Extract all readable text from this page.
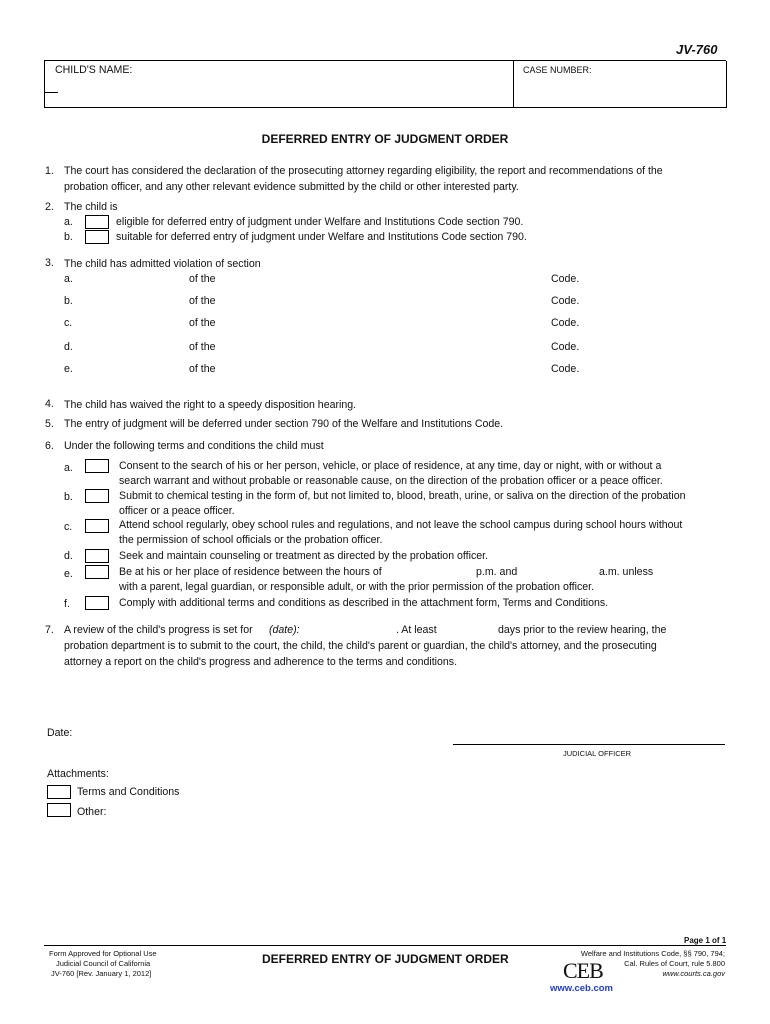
JV-760
CHILD'S NAME:	CASE NUMBER:
DEFERRED ENTRY OF JUDGMENT ORDER
1. The court has considered the declaration of the prosecuting attorney regarding eligibility, the report and recommendations of the
probation officer, and any other relevant evidence submitted by the child or other interested party.
2. The child is
a.	eligible for deferred entry of judgment under Welfare and Institutions Code section 790.
b.	suitable for deferred entry of judgment under Welfare and Institutions Code section 790.
3. The child has admitted violation of section
a.	of the	Code.
b.	of the	Code.
c.	of the	Code.
d.	of the	Code.
e.	of the	Code.
4. The child has waived the right to a speedy disposition hearing.
5. The entry of judgment will be deferred under section 790 of the Welfare and Institutions Code.
6. Under the following terms and conditions the child must
a.	Consent to the search of his or her person, vehicle, or place of residence, at any time, day or night, with or without a
search warrant and without probable or reasonable cause, on the direction of the probation officer or a peace officer.
b.	Submit to chemical testing in the form of, but not limited to, blood, breath, urine, or saliva on the direction of the probation
officer or a peace officer.
c.	Attend school regularly, obey school rules and regulations, and not leave the school campus during school hours without
the permission of school officials or the probation officer.
d.	Seek and maintain counseling or treatment as directed by the probation officer.
e.	Be at his or her place of residence between the hours of	p.m. and	a.m. unless
with a parent, legal guardian, or responsible adult, or with the prior permission of the probation officer.
f.	Comply with additional terms and conditions as described in the attachment form, Terms and Conditions.
7. A review of the child's progress is set for (date):	. At least	days prior to the review hearing, the
probation department is to submit to the court, the child, the child's parent or guardian, the child's attorney, and the prosecuting
attorney a report on the child's progress and adherence to the terms and conditions.
Date:
JUDICIAL OFFICER
Attachments:
Terms and Conditions
Other:
Page 1 of 1
Form Approved for Optional Use
Judicial Council of California
JV-760 [Rev. January 1, 2012]
DEFERRED ENTRY OF JUDGMENT ORDER	Welfare and Institutions Code, §§ 790, 794;
Cal. Rules of Court, rule 5.800
www.courts.ca.gov
CEB
www.ceb.com
